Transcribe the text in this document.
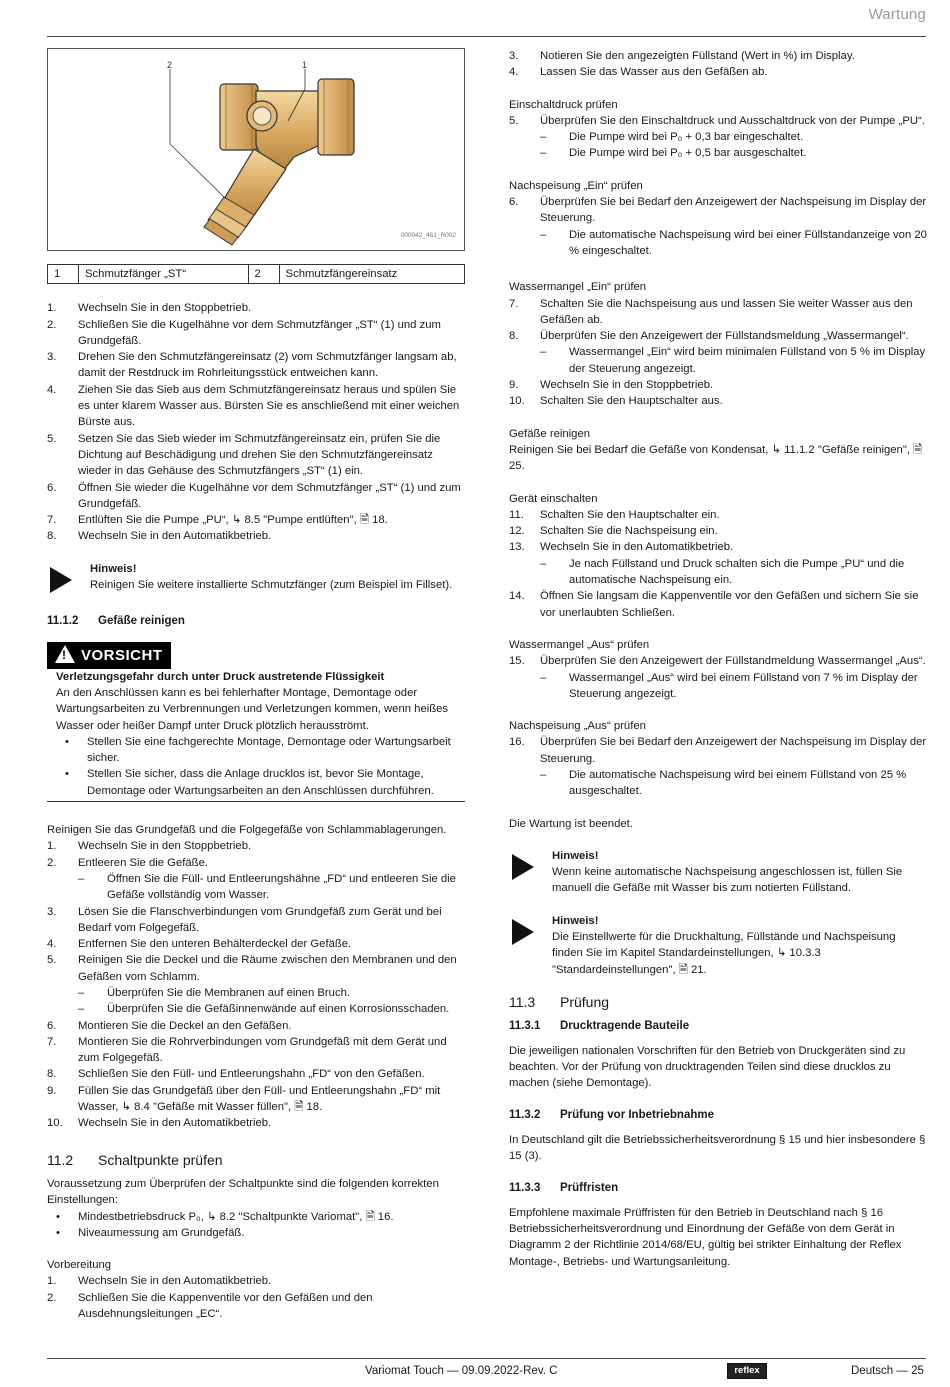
Wartung
2	1
000042_461_R002
1	Schmutzfänger „ST“	2	Schmutzfängereinsatz
1. Wechseln Sie in den Stoppbetrieb.
2. Schließen Sie die Kugelhähne vor dem Schmutzfänger „ST“ (1) und zum Grundgefäß.
3. Drehen Sie den Schmutzfängereinsatz (2) vom Schmutzfänger langsam ab, damit der Restdruck im Rohrleitungsstück entweichen kann.
4. Ziehen Sie das Sieb aus dem Schmutzfängereinsatz heraus und spülen Sie es unter klarem Wasser aus. Bürsten Sie es anschließend mit einer weichen Bürste aus.
5. Setzen Sie das Sieb wieder im Schmutzfängereinsatz ein, prüfen Sie die Dichtung auf Beschädigung und drehen Sie den Schmutzfängereinsatz wieder in das Gehäuse des Schmutzfängers „ST“ (1) ein.
6. Öffnen Sie wieder die Kugelhähne vor dem Schmutzfänger „ST“ (1) und zum Grundgefäß.
7. Entlüften Sie die Pumpe „PU“, ↳ 8.5 "Pumpe entlüften", 🗎 18.
8. Wechseln Sie in den Automatikbetrieb.
Hinweis!
Reinigen Sie weitere installierte Schmutzfänger (zum Beispiel im Fillset).
11.1.2 Gefäße reinigen
! VORSICHT
Verletzungsgefahr durch unter Druck austretende Flüssigkeit
An den Anschlüssen kann es bei fehlerhafter Montage, Demontage oder Wartungsarbeiten zu Verbrennungen und Verletzungen kommen, wenn heißes Wasser oder heißer Dampf unter Druck plötzlich herausströmt.
• Stellen Sie eine fachgerechte Montage, Demontage oder Wartungsarbeit sicher.
• Stellen Sie sicher, dass die Anlage drucklos ist, bevor Sie Montage, Demontage oder Wartungsarbeiten an den Anschlüssen durchführen.
Reinigen Sie das Grundgefäß und die Folgegefäße von Schlammablagerungen.
1. Wechseln Sie in den Stoppbetrieb.
2. Entleeren Sie die Gefäße.
– Öffnen Sie die Füll- und Entleerungshähne „FD“ und entleeren Sie die Gefäße vollständig vom Wasser.
3. Lösen Sie die Flanschverbindungen vom Grundgefäß zum Gerät und bei Bedarf vom Folgegefäß.
4. Entfernen Sie den unteren Behälterdeckel der Gefäße.
5. Reinigen Sie die Deckel und die Räume zwischen den Membranen und den Gefäßen vom Schlamm.
– Überprüfen Sie die Membranen auf einen Bruch.
– Überprüfen Sie die Gefäßinnenwände auf einen Korrosionsschaden.
6. Montieren Sie die Deckel an den Gefäßen.
7. Montieren Sie die Rohrverbindungen vom Grundgefäß mit dem Gerät und zum Folgegefäß.
8. Schließen Sie den Füll- und Entleerungshahn „FD“ von den Gefäßen.
9. Füllen Sie das Grundgefäß über den Füll- und Entleerungshahn „FD“ mit Wasser, ↳ 8.4 "Gefäße mit Wasser füllen", 🗎 18.
10. Wechseln Sie in den Automatikbetrieb.
11.2 Schaltpunkte prüfen
Voraussetzung zum Überprüfen der Schaltpunkte sind die folgenden korrekten Einstellungen:
• Mindestbetriebsdruck P₀, ↳ 8.2 "Schaltpunkte Variomat", 🗎 16.
• Niveaumessung am Grundgefäß.
Vorbereitung
1. Wechseln Sie in den Automatikbetrieb.
2. Schließen Sie die Kappenventile vor den Gefäßen und den Ausdehnungsleitungen „EC“.
3. Notieren Sie den angezeigten Füllstand (Wert in %) im Display.
4. Lassen Sie das Wasser aus den Gefäßen ab.
Einschaltdruck prüfen
5. Überprüfen Sie den Einschaltdruck und Ausschaltdruck von der Pumpe „PU“.
– Die Pumpe wird bei P₀ + 0,3 bar eingeschaltet.
– Die Pumpe wird bei P₀ + 0,5 bar ausgeschaltet.
Nachspeisung „Ein“ prüfen
6. Überprüfen Sie bei Bedarf den Anzeigewert der Nachspeisung im Display der Steuerung.
– Die automatische Nachspeisung wird bei einer Füllstandanzeige von 20 % eingeschaltet.
Wassermangel „Ein“ prüfen
7. Schalten Sie die Nachspeisung aus und lassen Sie weiter Wasser aus den Gefäßen ab.
8. Überprüfen Sie den Anzeigewert der Füllstandsmeldung „Wassermangel“.
– Wassermangel „Ein“ wird beim minimalen Füllstand von 5 % im Display der Steuerung angezeigt.
9. Wechseln Sie in den Stoppbetrieb.
10. Schalten Sie den Hauptschalter aus.
Gefäße reinigen
Reinigen Sie bei Bedarf die Gefäße von Kondensat, ↳ 11.1.2 "Gefäße reinigen", 🗎 25.
Gerät einschalten
11. Schalten Sie den Hauptschalter ein.
12. Schalten Sie die Nachspeisung ein.
13. Wechseln Sie in den Automatikbetrieb.
– Je nach Füllstand und Druck schalten sich die Pumpe „PU“ und die automatische Nachspeisung ein.
14. Öffnen Sie langsam die Kappenventile vor den Gefäßen und sichern Sie sie vor unerlaubten Schließen.
Wassermangel „Aus“ prüfen
15. Überprüfen Sie den Anzeigewert der Füllstandmeldung Wassermangel „Aus“.
– Wassermangel „Aus“ wird bei einem Füllstand von 7 % im Display der Steuerung angezeigt.
Nachspeisung „Aus“ prüfen
16. Überprüfen Sie bei Bedarf den Anzeigewert der Nachspeisung im Display der Steuerung.
– Die automatische Nachspeisung wird bei einem Füllstand von 25 % ausgeschaltet.
Die Wartung ist beendet.
Hinweis!
Wenn keine automatische Nachspeisung angeschlossen ist, füllen Sie manuell die Gefäße mit Wasser bis zum notierten Füllstand.
Hinweis!
Die Einstellwerte für die Druckhaltung, Füllstände und Nachspeisung finden Sie im Kapitel Standardeinstellungen, ↳ 10.3.3 "Standardeinstellungen", 🗎 21.
11.3 Prüfung
11.3.1 Drucktragende Bauteile
Die jeweiligen nationalen Vorschriften für den Betrieb von Druckgeräten sind zu beachten. Vor der Prüfung von drucktragenden Teilen sind diese drucklos zu machen (siehe Demontage).
11.3.2 Prüfung vor Inbetriebnahme
In Deutschland gilt die Betriebssicherheitsverordnung § 15 und hier insbesondere § 15 (3).
11.3.3 Prüffristen
Empfohlene maximale Prüffristen für den Betrieb in Deutschland nach § 16 Betriebssicherheitsverordnung und Einordnung der Gefäße von dem Gerät in Diagramm 2 der Richtlinie 2014/68/EU, gültig bei strikter Einhaltung der Reflex Montage-, Betriebs- und Wartungsanleitung.
Variomat Touch — 09.09.2022-Rev. C	reflex	Deutsch — 25
